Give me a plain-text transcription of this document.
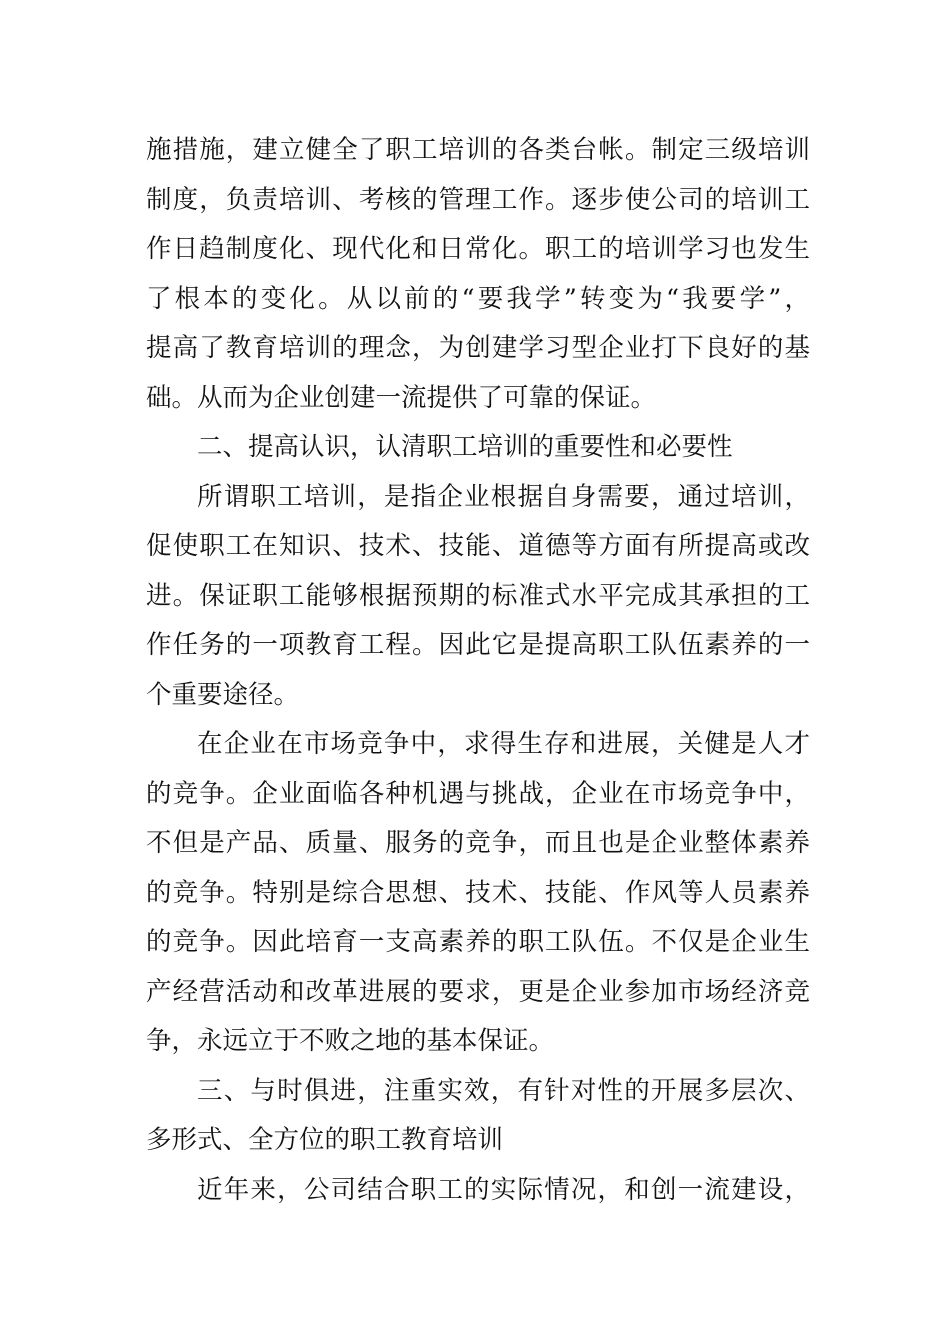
施措施，建立健全了职工培训的各类台帐。制定三级培训
制度，负责培训、考核的管理工作。逐步使公司的培训工
作日趋制度化、现代化和日常化。职工的培训学习也发生
了根本的变化。从以前的“要我学”转变为“我要学”，
提高了教育培训的理念，为创建学习型企业打下良好的基
础。从而为企业创建一流提供了可靠的保证。
二、提高认识，认清职工培训的重要性和必要性
所谓职工培训，是指企业根据自身需要，通过培训，
促使职工在知识、技术、技能、道德等方面有所提高或改
进。保证职工能够根据预期的标准式水平完成其承担的工
作任务的一项教育工程。因此它是提高职工队伍素养的一
个重要途径。
在企业在市场竞争中，求得生存和进展，关健是人才
的竞争。企业面临各种机遇与挑战，企业在市场竞争中，
不但是产品、质量、服务的竞争，而且也是企业整体素养
的竞争。特别是综合思想、技术、技能、作风等人员素养
的竞争。因此培育一支高素养的职工队伍。不仅是企业生
产经营活动和改革进展的要求，更是企业参加市场经济竞
争，永远立于不败之地的基本保证。
三、与时俱进，注重实效，有针对性的开展多层次、
多形式、全方位的职工教育培训
近年来，公司结合职工的实际情况，和创一流建设，
